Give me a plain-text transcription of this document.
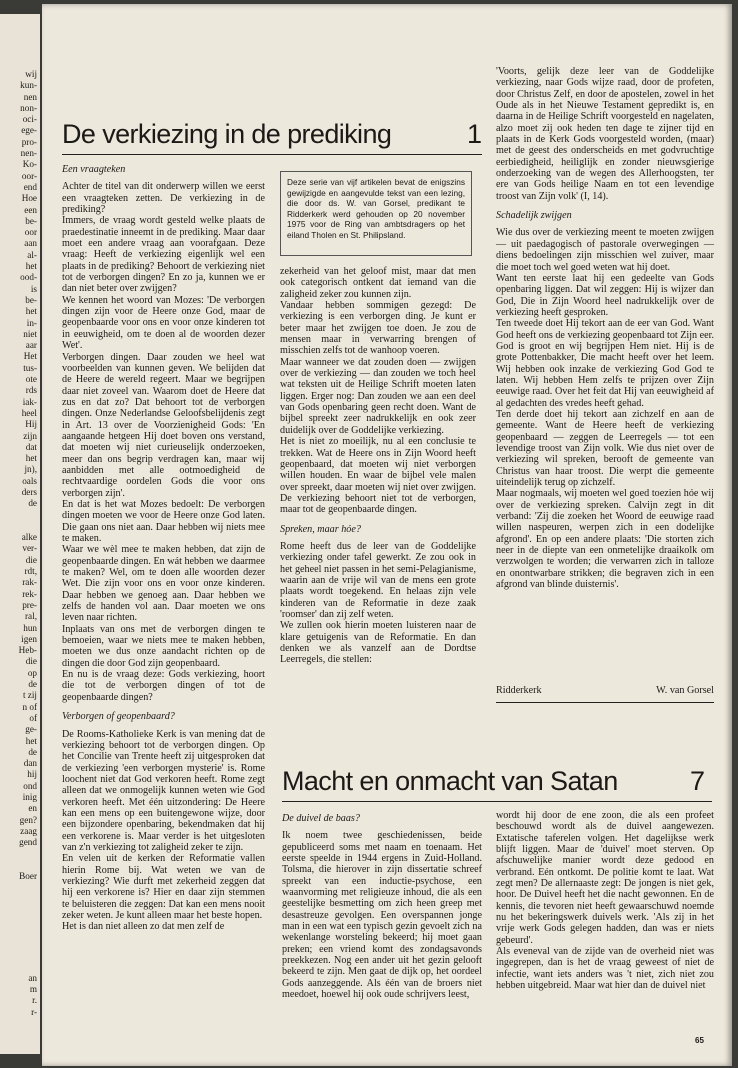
wij
kun-
nen
non-
oci-
ege-
pro-
nen-
Ko-
oor-
end
Hoe
een
be-
oor
aan
al-
het
ood-
is
be-
het
in-
niet
aar
Het
tus-
ote
rds
iak-
heel
Hij
zijn
dat
het
jn),
oals
ders
de

alke
ver-
die
rdt,
rak-
rek-
pre-
ral,
hun
igen
Heb-
die
op
de
t zij
n of
of
ge-
het
de
dan
hij
ond
inig
en
gen?
zaag
gend

Boer

an
m
r.
r-
De verkiezing in de prediking	1
Deze serie van vijf artikelen bevat de enigszins gewijzigde en aangevulde tekst van een lezing, die door ds. W. van Gorsel, predikant te Ridderkerk werd gehouden op 20 november 1975 voor de Ring van ambtsdragers op het eiland Tholen en St. Philipsland.
Een vraagteken

Achter de titel van dit onderwerp willen we eerst een vraagteken zetten. De verkiezing in de prediking?

Immers, de vraag wordt gesteld welke plaats de praedestinatie inneemt in de prediking. Maar daar moet een andere vraag aan voorafgaan. Deze vraag: Heeft de verkiezing eigenlijk wel een plaats in de prediking? Behoort de verkiezing niet tot de verborgen dingen? En zo ja, kunnen we er dan niet beter over zwijgen?

We kennen het woord van Mozes: 'De verborgen dingen zijn voor de Heere onze God, maar de geopenbaarde voor ons en voor onze kinderen tot in eeuwigheid, om te doen al de woorden dezer Wet'.

Verborgen dingen. Daar zouden we heel wat voorbeelden van kunnen geven. We belijden dat de Heere de wereld regeert. Maar we begrijpen daar niet zoveel van. Waarom doet de Heere dat zus en dat zo? Dat behoort tot de verborgen dingen. Onze Nederlandse Geloofsbelijdenis zegt in Art. 13 over de Voorzienigheid Gods: 'En aangaande hetgeen Hij doet boven ons verstand, dat moeten wij niet curieuselijk onderzoeken, meer dan ons begrip verdragen kan, maar wij aanbidden met alle ootmoedigheid de rechtvaardige oordelen Gods die voor ons verborgen zijn'.

En dat is het wat Mozes bedoelt: De verborgen dingen moeten we voor de Heere onze God laten. Die gaan ons niet aan. Daar hebben wij niets mee te maken.

Waar we wèl mee te maken hebben, dat zijn de geopenbaarde dingen. En wát hebben we daarmee te maken? Wel, om te doen alle woorden dezer Wet. Die zijn voor ons en voor onze kinderen. Daar hebben we genoeg aan. Daar hebben we zelfs de handen vol aan. Daar moeten we ons leven naar richten.

Inplaats van ons met de verborgen dingen te bemoeien, waar we niets mee te maken hebben, moeten we dus onze aandacht richten op de dingen die door God zijn geopenbaard.

En nu is de vraag deze: Gods verkiezing, hoort die tot de verborgen dingen of tot de geopenbaarde dingen?

Verborgen of geopenbaard?

De Rooms-Katholieke Kerk is van mening dat de verkiezing behoort tot de verborgen dingen. Op het Concilie van Trente heeft zij uitgesproken dat de verkiezing 'een verborgen mysterie' is. Rome loochent niet dat God verkoren heeft. Rome zegt alleen dat we onmogelijk kunnen weten wie God verkoren heeft. Met één uitzondering: De Heere kan een mens op een buitengewone wijze, door een bijzondere openbaring, bekendmaken dat hij een verkorene is. Maar verder is het uitgesloten van z'n verkiezing tot zaligheid zeker te zijn.

En velen uit de kerken der Reformatie vallen hierin Rome bij. Wat weten we van de verkiezing? Wie durft met zekerheid zeggen dat hij een verkorene is? Hier en daar zijn stemmen te beluisteren die zeggen: Dat kan een mens nooit zeker weten. Je kunt alleen maar het beste hopen.

Het is dan niet alleen zo dat men zelf de

zekerheid van het geloof mist, maar dat men ook categorisch ontkent dat iemand van die zaligheid zeker zou kunnen zijn.

Vandaar hebben sommigen gezegd: De verkiezing is een verborgen ding. Je kunt er beter maar het zwijgen toe doen. Je zou de mensen maar in verwarring brengen of misschien zelfs tot de wanhoop voeren.

Maar wanneer we dat zouden doen — zwijgen over de verkiezing — dan zouden we toch heel wat teksten uit de Heilige Schrift moeten laten liggen. Erger nog: Dan zouden we aan een deel van Gods openbaring geen recht doen. Want de bijbel spreekt zeer nadrukkelijk en ook zeer duidelijk over de Goddelijke verkiezing.

Het is niet zo moeilijk, nu al een conclusie te trekken. Wat de Heere ons in Zijn Woord heeft geopenbaard, dat moeten wij niet verborgen willen houden. En waar de bijbel vele malen over spreekt, daar moeten wij niet over zwijgen. De verkiezing behoort niet tot de verborgen, maar tot de geopenbaarde dingen.

Spreken, maar hóe?

Rome heeft dus de leer van de Goddelijke verkiezing onder tafel gewerkt. Ze zou ook in het geheel niet passen in het semi-Pelagianisme, waarin aan de vrije wil van de mens een grote plaats wordt toegekend. En helaas zijn vele kinderen van de Reformatie in deze zaak 'roomser' dan zij zelf weten.

We zullen ook hierin moeten luisteren naar de klare getuigenis van de Reformatie. En dan denken we als vanzelf aan de Dordtse Leerregels, die stellen:

'Voorts, gelijk deze leer van de Goddelijke verkiezing, naar Gods wijze raad, door de profeten, door Christus Zelf, en door de apostelen, zowel in het Oude als in het Nieuwe Testament gepredikt is, en daarna in de Heilige Schrift voorgesteld en nagelaten, alzo moet zij ook heden ten dage te zijner tijd en plaats in de Kerk Gods voorgesteld worden, (maar) met de geest des onderscheids en met godvruchtige eerbiedigheid, heiliglijk en zonder nieuwsgierige onderzoeking van de wegen des Allerhoogsten, ter ere van Gods heilige Naam en tot een levendige troost van Zijn volk' (I, 14).

Schadelijk zwijgen

Wie dus over de verkiezing meent te moeten zwijgen — uit paedagogisch of pastorale overwegingen — diens bedoelingen zijn misschien wel zuiver, maar die moet toch wel goed weten wat hij doet.

Want ten eerste laat hij een gedeelte van Gods openbaring liggen. Dat wil zeggen: Hij is wijzer dan God, Die in Zijn Woord heel nadrukkelijk over de verkiezing heeft gesproken.

Ten tweede doet Hij tekort aan de eer van God. Want God heeft ons de verkiezing geopenbaard tot Zijn eer. God is groot en wij begrijpen Hem niet. Hij is de grote Pottenbakker, Die macht heeft over het leem. Wij hebben ook inzake de verkiezing God God te laten. Wij hebben Hem zelfs te prijzen over Zijn eeuwige raad. Over het feit dat Hij van eeuwigheid af al gedachten des vredes heeft gehad.

Ten derde doet hij tekort aan zichzelf en aan de gemeente. Want de Heere heeft de verkiezing geopenbaard — zeggen de Leerregels — tot een levendige troost van Zijn volk. Wie dus niet over de verkiezing wil spreken, berooft de gemeente van Christus van haar troost. Die werpt die gemeente uiteindelijk terug op zichzelf.

Maar nogmaals, wij moeten wel goed toezien hóe wij over de verkiezing spreken. Calvijn zegt in dit verband: 'Zij die zoeken het Woord de eeuwige raad willen naspeuren, werpen zich in een dodelijke afgrond'. En op een andere plaats: 'Die storten zich neer in de diepte van een onmetelijke draaikolk om verzwolgen te worden; die verwarren zich in talloze en onontwarbare strikken; die begraven zich in een afgrond van blinde duisternis'.

Ridderkerk	W. van Gorsel
Macht en onmacht van Satan	7
De duivel de baas?

Ik noem twee geschiedenissen, beide gepubliceerd soms met naam en toenaam. Het eerste speelde in 1944 ergens in Zuid-Holland. Tolsma, die hierover in zijn dissertatie schreef spreekt van een inductie-psychose, een waanvorming met religieuze inhoud, die als een geestelijke besmetting om zich heen greep met desastreuze gevolgen. Een overspannen jonge man in een wat een typisch gezin gevoelt zich na wekenlange worsteling bekeerd; hij moet gaan preken; een vriend komt des zondagsavonds preekkezen. Nog een ander uit het gezin gelooft bekeerd te zijn. Men gaat de dijk op, het oordeel Gods aanzeggende. Als één van de broers niet meedoet, hoewel hij ook oude schrijvers leest,

wordt hij door de ene zoon, die als een profeet beschouwd wordt als de duivel aangewezen. Extatische taferelen volgen. Het dagelijkse werk blijft liggen. Maar de 'duivel' moet sterven. Op afschuwelijke manier wordt deze gedood en verbrand. Eén ontkomt. De politie komt te laat. Wat zegt men? De allernaaste zegt: De jongen is niet gek, hoor. De Duivel heeft het die nacht gewonnen. En de kennis, die tevoren niet heeft gewaarschuwd noemde nu het bekeringswerk duivels werk. 'Als zij in het vrije werk Gods gelegen hadden, dan was er niets gebeurd'.

Als eveneval van de zijde van de overheid niet was ingegrepen, dan is het de vraag geweest of niet de infectie, want iets anders was 't niet, zich niet zou hebben uitgebreid. Maar wat hier dan de duivel niet

65
